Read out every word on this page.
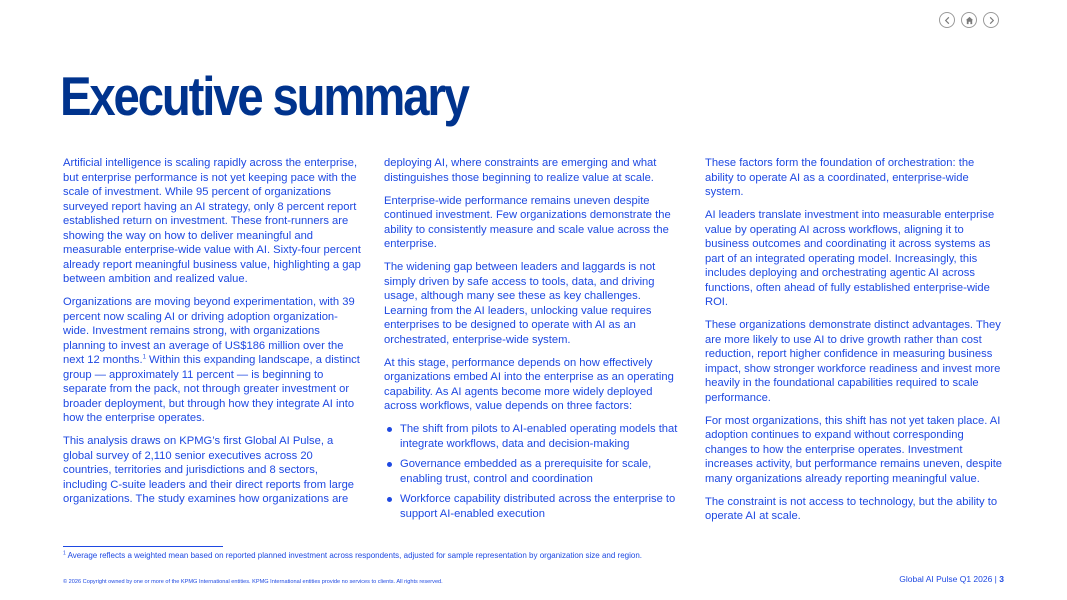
Executive summary

Artificial intelligence is scaling rapidly across the enterprise, but enterprise performance is not yet keeping pace with the scale of investment. While 95 percent of organizations surveyed report having an AI strategy, only 8 percent report established return on investment. These front-runners are showing the way on how to deliver meaningful and measurable enterprise-wide value with AI. Sixty-four percent already report meaningful business value, highlighting a gap between ambition and realized value.

Organizations are moving beyond experimentation, with 39 percent now scaling AI or driving adoption organization-wide. Investment remains strong, with organizations planning to invest an average of US$186 million over the next 12 months.$^1$ Within this expanding landscape, a distinct group — approximately 11 percent — is beginning to separate from the pack, not through greater investment or broader deployment, but through how they integrate AI into how the enterprise operates.

This analysis draws on KPMG’s first Global AI Pulse, a global survey of 2,110 senior executives across 20 countries, territories and jurisdictions and 8 sectors, including C-suite leaders and their direct reports from large organizations. The study examines how organizations are

deploying AI, where constraints are emerging and what distinguishes those beginning to realize value at scale.

Enterprise-wide performance remains uneven despite continued investment. Few organizations demonstrate the ability to consistently measure and scale value across the enterprise.

The widening gap between leaders and laggards is not simply driven by safe access to tools, data, and driving usage, although many see these as key challenges. Learning from the AI leaders, unlocking value requires enterprises to be designed to operate with AI as an orchestrated, enterprise-wide system.

At this stage, performance depends on how effectively organizations embed AI into the enterprise as an operating capability. As AI agents become more widely deployed across workflows, value depends on three factors:

The shift from pilots to AI-enabled operating models that integrate workflows, data and decision-making
Governance embedded as a prerequisite for scale, enabling trust, control and coordination
Workforce capability distributed across the enterprise to support AI-enabled execution

These factors form the foundation of orchestration: the ability to operate AI as a coordinated, enterprise-wide system.

AI leaders translate investment into measurable enterprise value by operating AI across workflows, aligning it to business outcomes and coordinating it across systems as part of an integrated operating model. Increasingly, this includes deploying and orchestrating agentic AI across functions, often ahead of fully established enterprise-wide ROI.

These organizations demonstrate distinct advantages. They are more likely to use AI to drive growth rather than cost reduction, report higher confidence in measuring business impact, show stronger workforce readiness and invest more heavily in the foundational capabilities required to scale performance.

For most organizations, this shift has not yet taken place. AI adoption continues to expand without corresponding changes to how the enterprise operates. Investment increases activity, but performance remains uneven, despite many organizations already reporting meaningful value.

The constraint is not access to technology, but the ability to operate AI at scale.

$^1$ Average reflects a weighted mean based on reported planned investment across respondents, adjusted for sample representation by organization size and region.
© 2026 Copyright owned by one or more of the KPMG International entities. KPMG International entities provide no services to clients. All rights reserved.	Global AI Pulse Q1 2026 | 3
